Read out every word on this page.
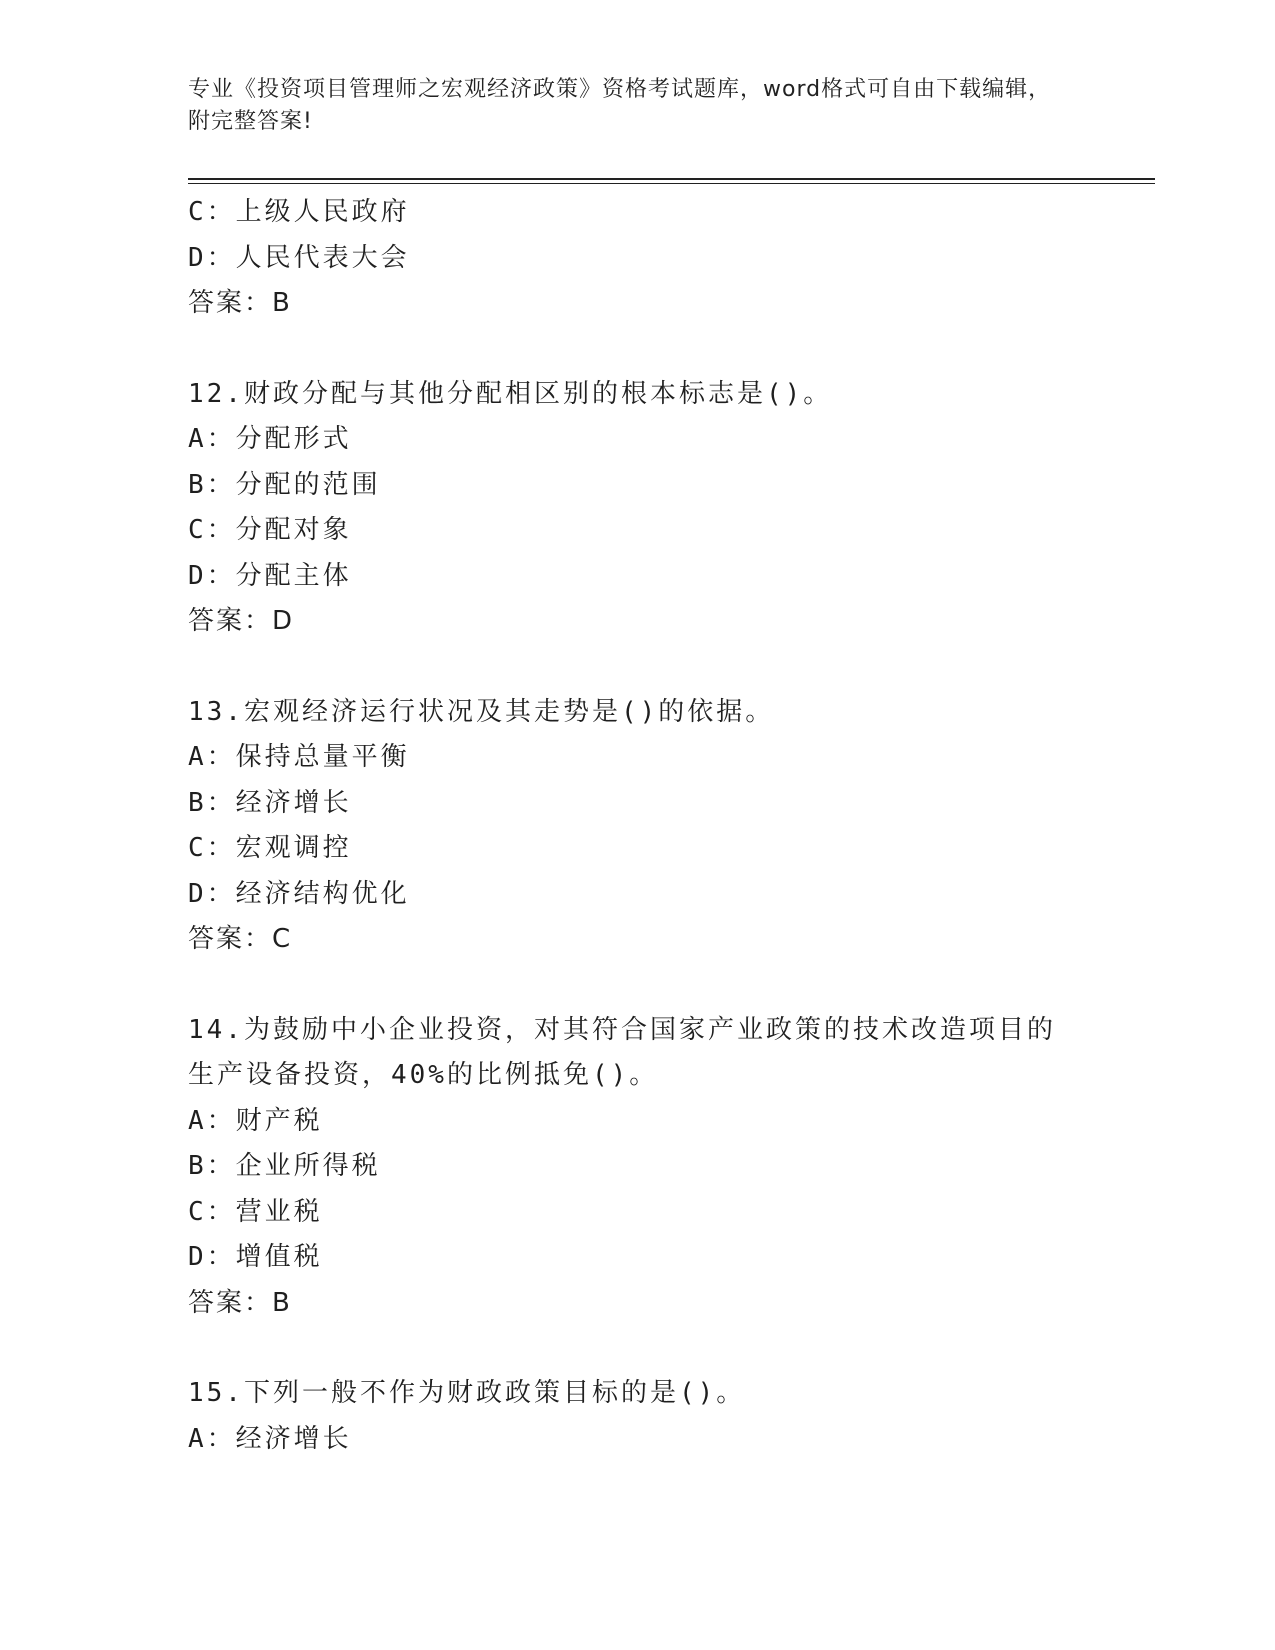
专业《投资项目管理师之宏观经济政策》资格考试题库，word格式可自由下载编辑，附完整答案!
C：上级人民政府
D：人民代表大会
答案：B
12.财政分配与其他分配相区别的根本标志是()。
A：分配形式
B：分配的范围
C：分配对象
D：分配主体
答案：D
13.宏观经济运行状况及其走势是()的依据。
A：保持总量平衡
B：经济增长
C：宏观调控
D：经济结构优化
答案：C
14.为鼓励中小企业投资，对其符合国家产业政策的技术改造项目的生产设备投资，40%的比例抵免()。
A：财产税
B：企业所得税
C：营业税
D：增值税
答案：B
15.下列一般不作为财政政策目标的是()。
A：经济增长
